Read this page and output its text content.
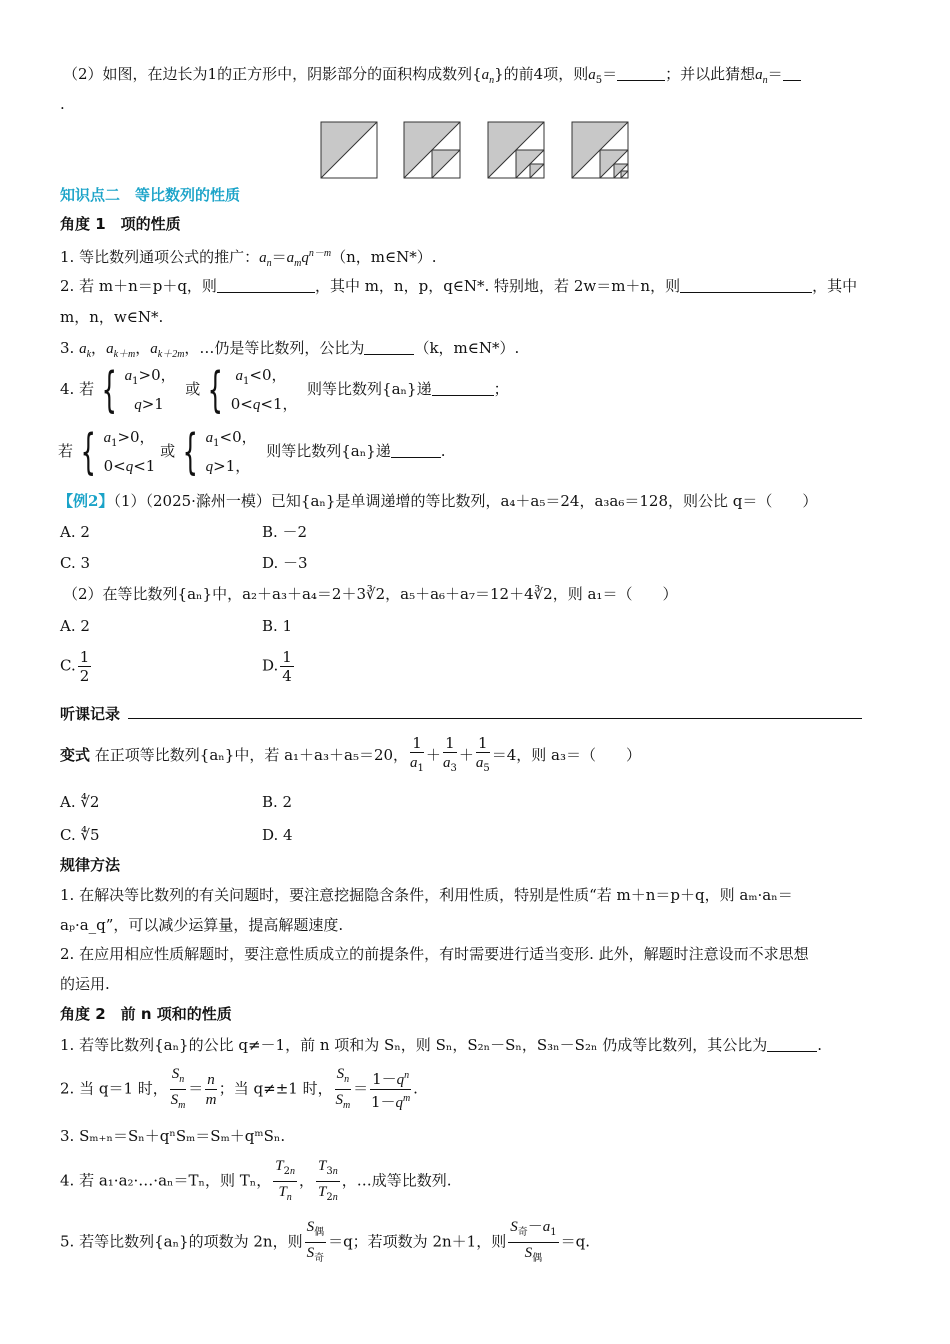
（2）如图，在边长为1的正方形中，阴影部分的面积构成数列$\{a_n\}$的前4项，则$a_5=$	；并以此猜想$a_n=$
.
知识点二　等比数列的性质
角度 1　项的性质
1. 等比数列通项公式的推广：$a_n=a_mq^{n-m}(n$，m∈N*）.
2. 若 m＋n＝p＋q，则	，其中 m，n，p，q∈N*. 特别地，若 2w＝m＋n，则	，其中
m，n，w∈N*.
3. $a_k$，$a_{k+m}$，$a_{k+2m}$，…仍是等比数列，公比为	（k，m∈N*）.
4. 若 { $a_1>0$，
q>1
或 { $a_1<0$，
0<q<1，
则等比数列{aₙ}递	；
若 { $a_1>0$，
0<q<1
或 { $a_1<0$，
q>1，
则等比数列{aₙ}递	.
【例2】（1）（2025·滁州一模）已知{aₙ}是单调递增的等比数列，a₄＋a₅＝24，a₃a₆＝128，则公比 q＝（　　）
A. 2	B. －2
C. 3	D. －3
（2）在等比数列{aₙ}中，a₂＋a₃＋a₄＝2＋3∛2，a₅＋a₆＋a₇＝12＋4∛2，则 a₁＝（　　）
A. 2	B. 1
C. $\frac{1}{2}$	D. $\frac{1}{4}$
听课记录
变式 在正项等比数列{aₙ}中，若 a₁＋a₃＋a₅＝20， $\frac{1}{a_1} + \frac{1}{a_3} + \frac{1}{a_5} =4$，则 a₃＝（　　）
A. ∜2	B. 2
C. ∜5	D. 4
规律方法
1. 在解决等比数列的有关问题时，要注意挖掘隐含条件，利用性质，特别是性质“若 m＋n＝p＋q，则 aₘ·aₙ＝
aₚ·a_q”，可以减少运算量，提高解题速度.
2. 在应用相应性质解题时，要注意性质成立的前提条件，有时需要进行适当变形. 此外，解题时注意设而不求思想
的运用.
角度 2　前 n 项和的性质
1. 若等比数列{aₙ}的公比 q≠－1，前 n 项和为 Sₙ，则 Sₙ，S₂ₙ－Sₙ，S₃ₙ－S₂ₙ 仍成等比数列，其公比为	.
2. 当 q＝1 时， $\frac{S_n}{S_m} = \frac{n}{m}$ ；当 q≠±1 时， $\frac{S_n}{S_m} = \frac{1-q^n}{1-q^m}$ .
3. Sₘ₊ₙ＝Sₙ＋qⁿSₘ＝Sₘ＋qᵐSₙ.
4. 若 a₁·a₂·…·aₙ＝Tₙ，则 Tₙ， $\frac{T_{2n}}{T_n}$ ， $\frac{T_{3n}}{T_{2n}}$ ，…成等比数列.
5. 若等比数列{aₙ}的项数为 2n，则 $\frac{S_偶}{S_奇} =q$；若项数为 2n＋1，则 $\frac{S_奇-a_1}{S_偶} =q$.
